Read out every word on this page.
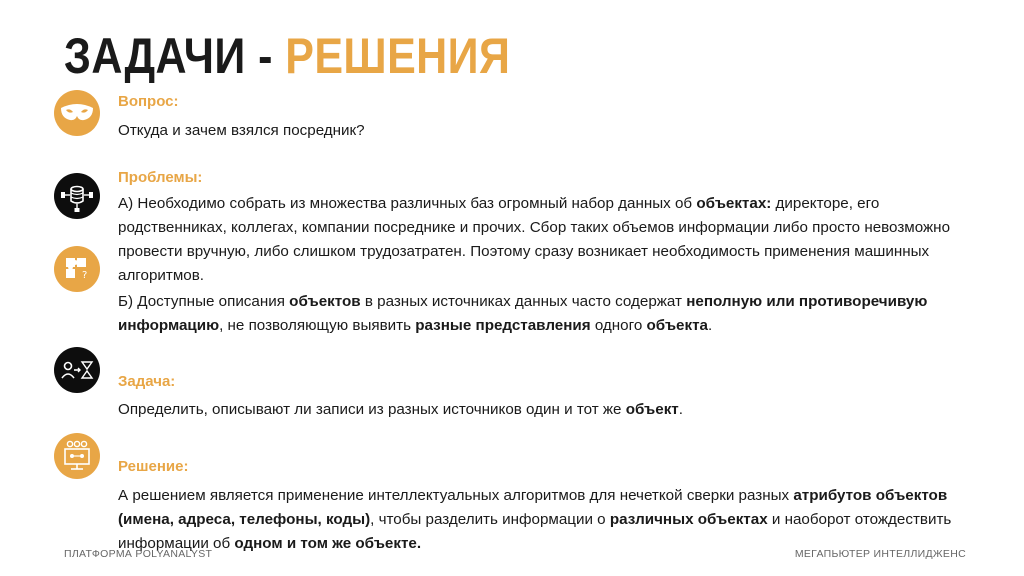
ЗАДАЧИ - РЕШЕНИЯ
?
Вопрос:
Откуда и зачем взялся посредник?
Проблемы:
А) Необходимо собрать из множества различных баз огромный набор данных об объектах: директоре, его родственниках, коллегах, компании посреднике и прочих. Сбор таких объемов информации либо просто невозможно провести вручную, либо слишком трудозатратен. Поэтому сразу возникает необходимость применения машинных алгоритмов.
Б) Доступные описания объектов в разных источниках данных часто содержат неполную или противоречивую информацию, не позволяющую выявить разные представления одного объекта.
Задача:
Определить, описывают ли записи из разных источников один и тот же объект.
Решение:
А решением является применение интеллектуальных алгоритмов для нечеткой сверки разных атрибутов объектов (имена, адреса, телефоны, коды), чтобы разделить информации о различных объектах и наоборот отождествить информации об одном и том же объекте.
ПЛАТФОРМА POLYANALYST	МЕГАПЬЮТЕР ИНТЕЛЛИДЖЕНС
